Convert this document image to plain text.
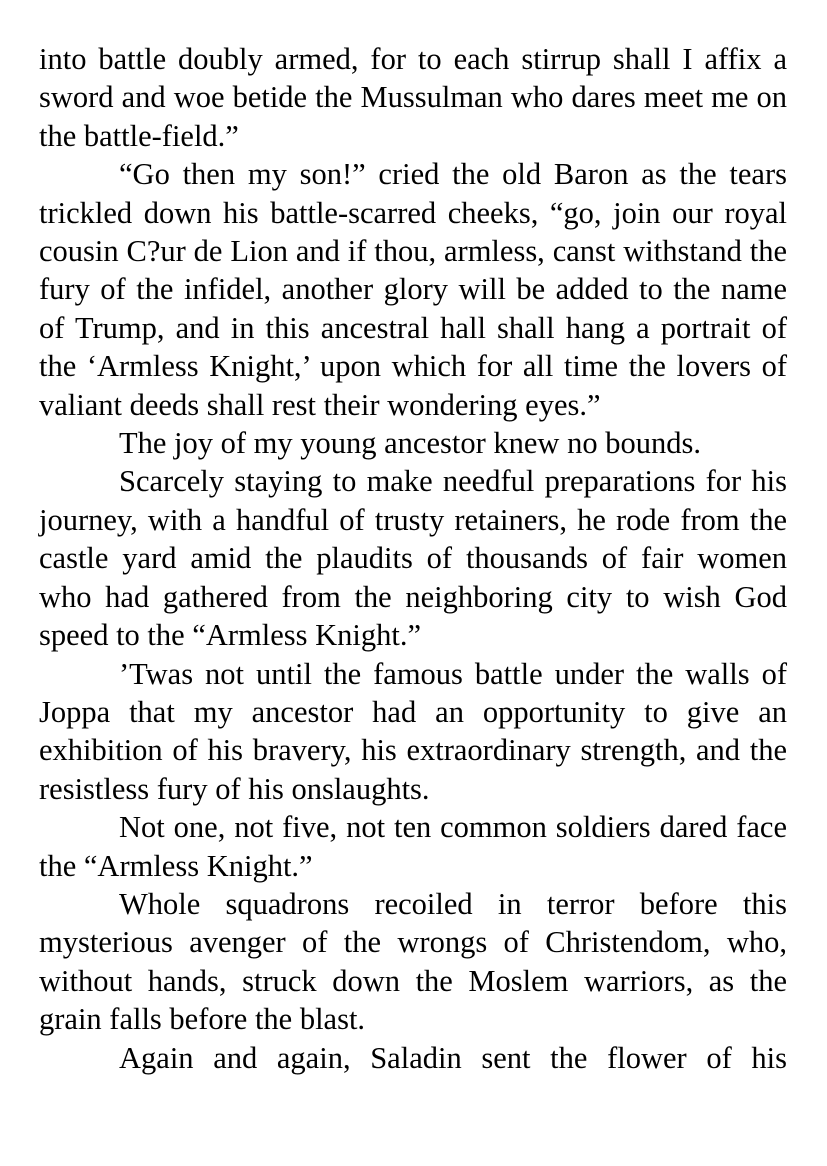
into battle doubly armed, for to each stirrup shall I affix a sword and woe betide the Mussulman who dares meet me on the battle-field.”

“Go then my son!” cried the old Baron as the tears trickled down his battle-scarred cheeks, “go, join our royal cousin C?ur de Lion and if thou, armless, canst withstand the fury of the infidel, another glory will be added to the name of Trump, and in this ancestral hall shall hang a portrait of the ‘Armless Knight,’ upon which for all time the lovers of valiant deeds shall rest their wondering eyes.”

The joy of my young ancestor knew no bounds.

Scarcely staying to make needful preparations for his journey, with a handful of trusty retainers, he rode from the castle yard amid the plaudits of thousands of fair women who had gathered from the neighboring city to wish God speed to the “Armless Knight.”

’Twas not until the famous battle under the walls of Joppa that my ancestor had an opportunity to give an exhibition of his bravery, his extraordinary strength, and the resistless fury of his onslaughts.

Not one, not five, not ten common soldiers dared face the “Armless Knight.”

Whole squadrons recoiled in terror before this mysterious avenger of the wrongs of Christendom, who, without hands, struck down the Moslem warriors, as the grain falls before the blast.

Again and again, Saladin sent the flower of his
